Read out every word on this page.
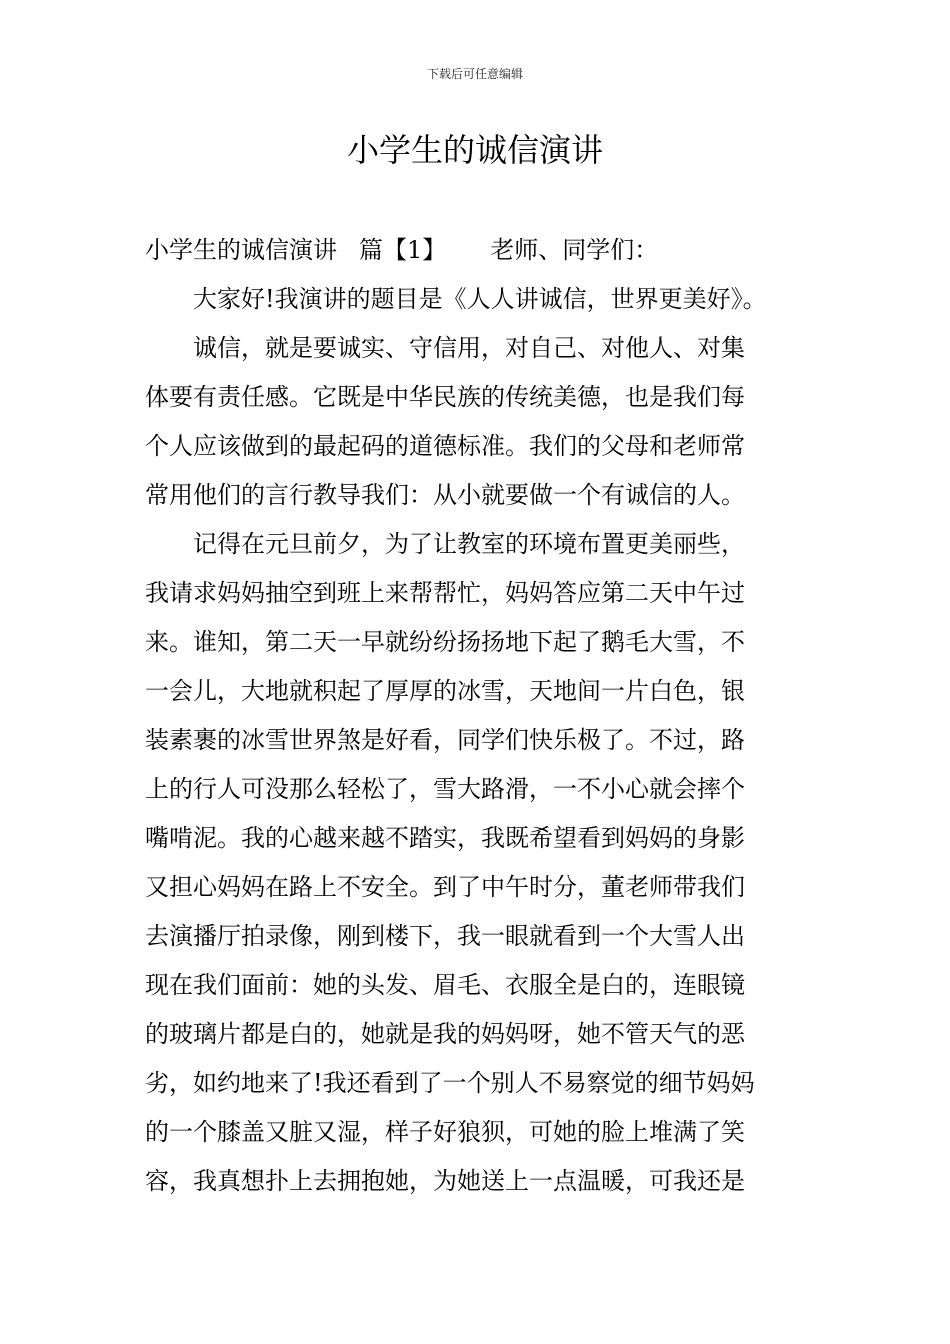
下载后可任意编辑
小学生的诚信演讲
小学生的诚信演讲 篇【1】 老师、同学们：
　　大家好!我演讲的题目是《人人讲诚信，世界更美好》。
　　诚信，就是要诚实、守信用，对自己、对他人、对集
体要有责任感。它既是中华民族的传统美德，也是我们每
个人应该做到的最起码的道德标准。我们的父母和老师常
常用他们的言行教导我们：从小就要做一个有诚信的人。
　　记得在元旦前夕，为了让教室的环境布置更美丽些，
我请求妈妈抽空到班上来帮帮忙，妈妈答应第二天中午过
来。谁知，第二天一早就纷纷扬扬地下起了鹅毛大雪，不
一会儿，大地就积起了厚厚的冰雪，天地间一片白色，银
装素裹的冰雪世界煞是好看，同学们快乐极了。不过，路
上的行人可没那么轻松了，雪大路滑，一不小心就会摔个
嘴啃泥。我的心越来越不踏实，我既希望看到妈妈的身影
又担心妈妈在路上不安全。到了中午时分，董老师带我们
去演播厅拍录像，刚到楼下，我一眼就看到一个大雪人出
现在我们面前：她的头发、眉毛、衣服全是白的，连眼镜
的玻璃片都是白的，她就是我的妈妈呀，她不管天气的恶
劣，如约地来了!我还看到了一个别人不易察觉的细节妈妈
的一个膝盖又脏又湿，样子好狼狈，可她的脸上堆满了笑
容，我真想扑上去拥抱她，为她送上一点温暖，可我还是
